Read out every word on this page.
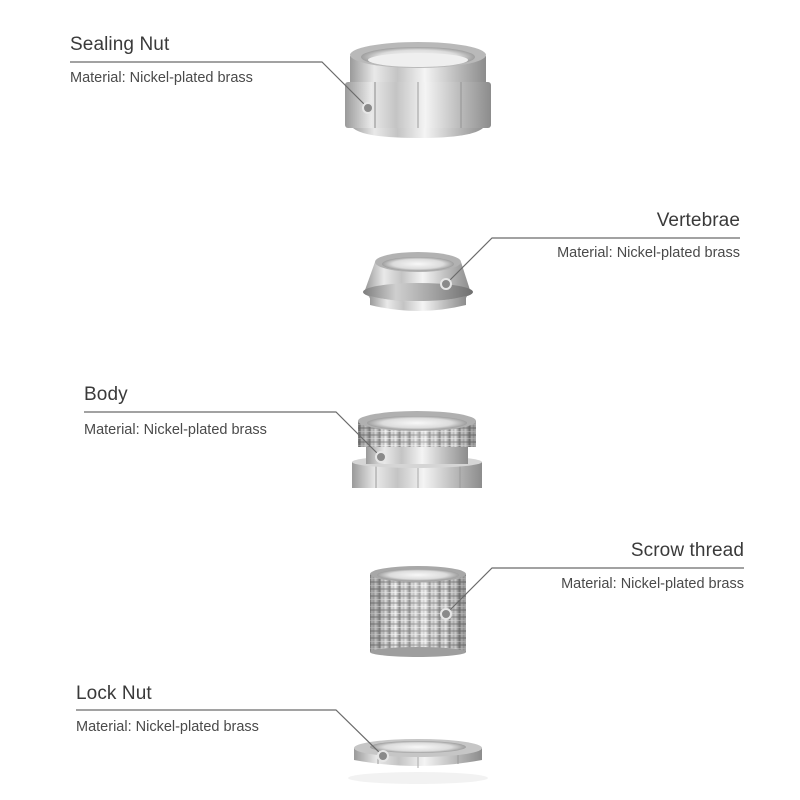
Sealing Nut
Material: Nickel-plated brass
Vertebrae
Material: Nickel-plated brass
Body
Material: Nickel-plated brass
Scrow thread
Material: Nickel-plated brass
Lock Nut
Material: Nickel-plated brass
